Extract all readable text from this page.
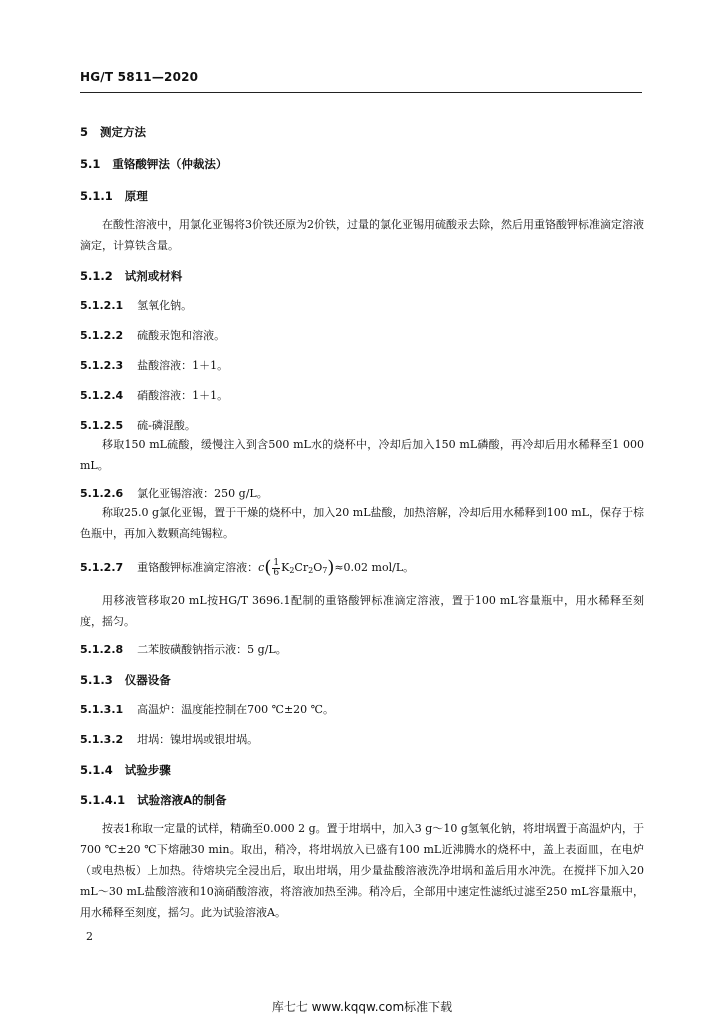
HG/T 5811—2020
5 测定方法
5.1 重铬酸钾法（仲裁法）
5.1.1 原理

在酸性溶液中，用氯化亚锡将3价铁还原为2价铁，过量的氯化亚锡用硫酸汞去除，然后用重铬酸钾标准滴定溶液滴定，计算铁含量。

5.1.2 试剂或材料
5.1.2.1 氢氧化钠。
5.1.2.2 硫酸汞饱和溶液。
5.1.2.3 盐酸溶液：1＋1。
5.1.2.4 硝酸溶液：1＋1。
5.1.2.5 硫-磷混酸。

移取150 mL硫酸，缓慢注入到含500 mL水的烧杯中，冷却后加入150 mL磷酸，再冷却后用水稀释至1 000 mL。

5.1.2.6 氯化亚锡溶液：250 g/L。

称取25.0 g氯化亚锡，置于干燥的烧杯中，加入20 mL盐酸，加热溶解，冷却后用水稀释到100 mL，保存于棕色瓶中，再加入数颗高纯锡粒。

5.1.2.7 重铬酸钾标准滴定溶液：$c( \frac{1}{6} K_2Cr_2O_7)\approx 0.02$ mol/L。

用移液管移取20 mL按HG/T 3696.1配制的重铬酸钾标准滴定溶液，置于100 mL容量瓶中，用水稀释至刻度，摇匀。

5.1.2.8 二苯胺磺酸钠指示液：5 g/L。
5.1.3 仪器设备
5.1.3.1 高温炉：温度能控制在700 ℃±20 ℃。
5.1.3.2 坩埚：镍坩埚或银坩埚。
5.1.4 试验步骤
5.1.4.1 试验溶液A的制备

按表1称取一定量的试样，精确至0.000 2 g。置于坩埚中，加入3 g～10 g氢氧化钠，将坩埚置于高温炉内，于700 ℃±20 ℃下熔融30 min。取出，稍冷，将坩埚放入已盛有100 mL近沸腾水的烧杯中，盖上表面皿，在电炉（或电热板）上加热。待熔块完全浸出后，取出坩埚，用少量盐酸溶液洗净坩埚和盖后用水冲洗。在搅拌下加入20 mL～30 mL盐酸溶液和10滴硝酸溶液，将溶液加热至沸。稍冷后，全部用中速定性滤纸过滤至250 mL容量瓶中，用水稀释至刻度，摇匀。此为试验溶液A。

2
库七七 www.kqqw.com标准下载
